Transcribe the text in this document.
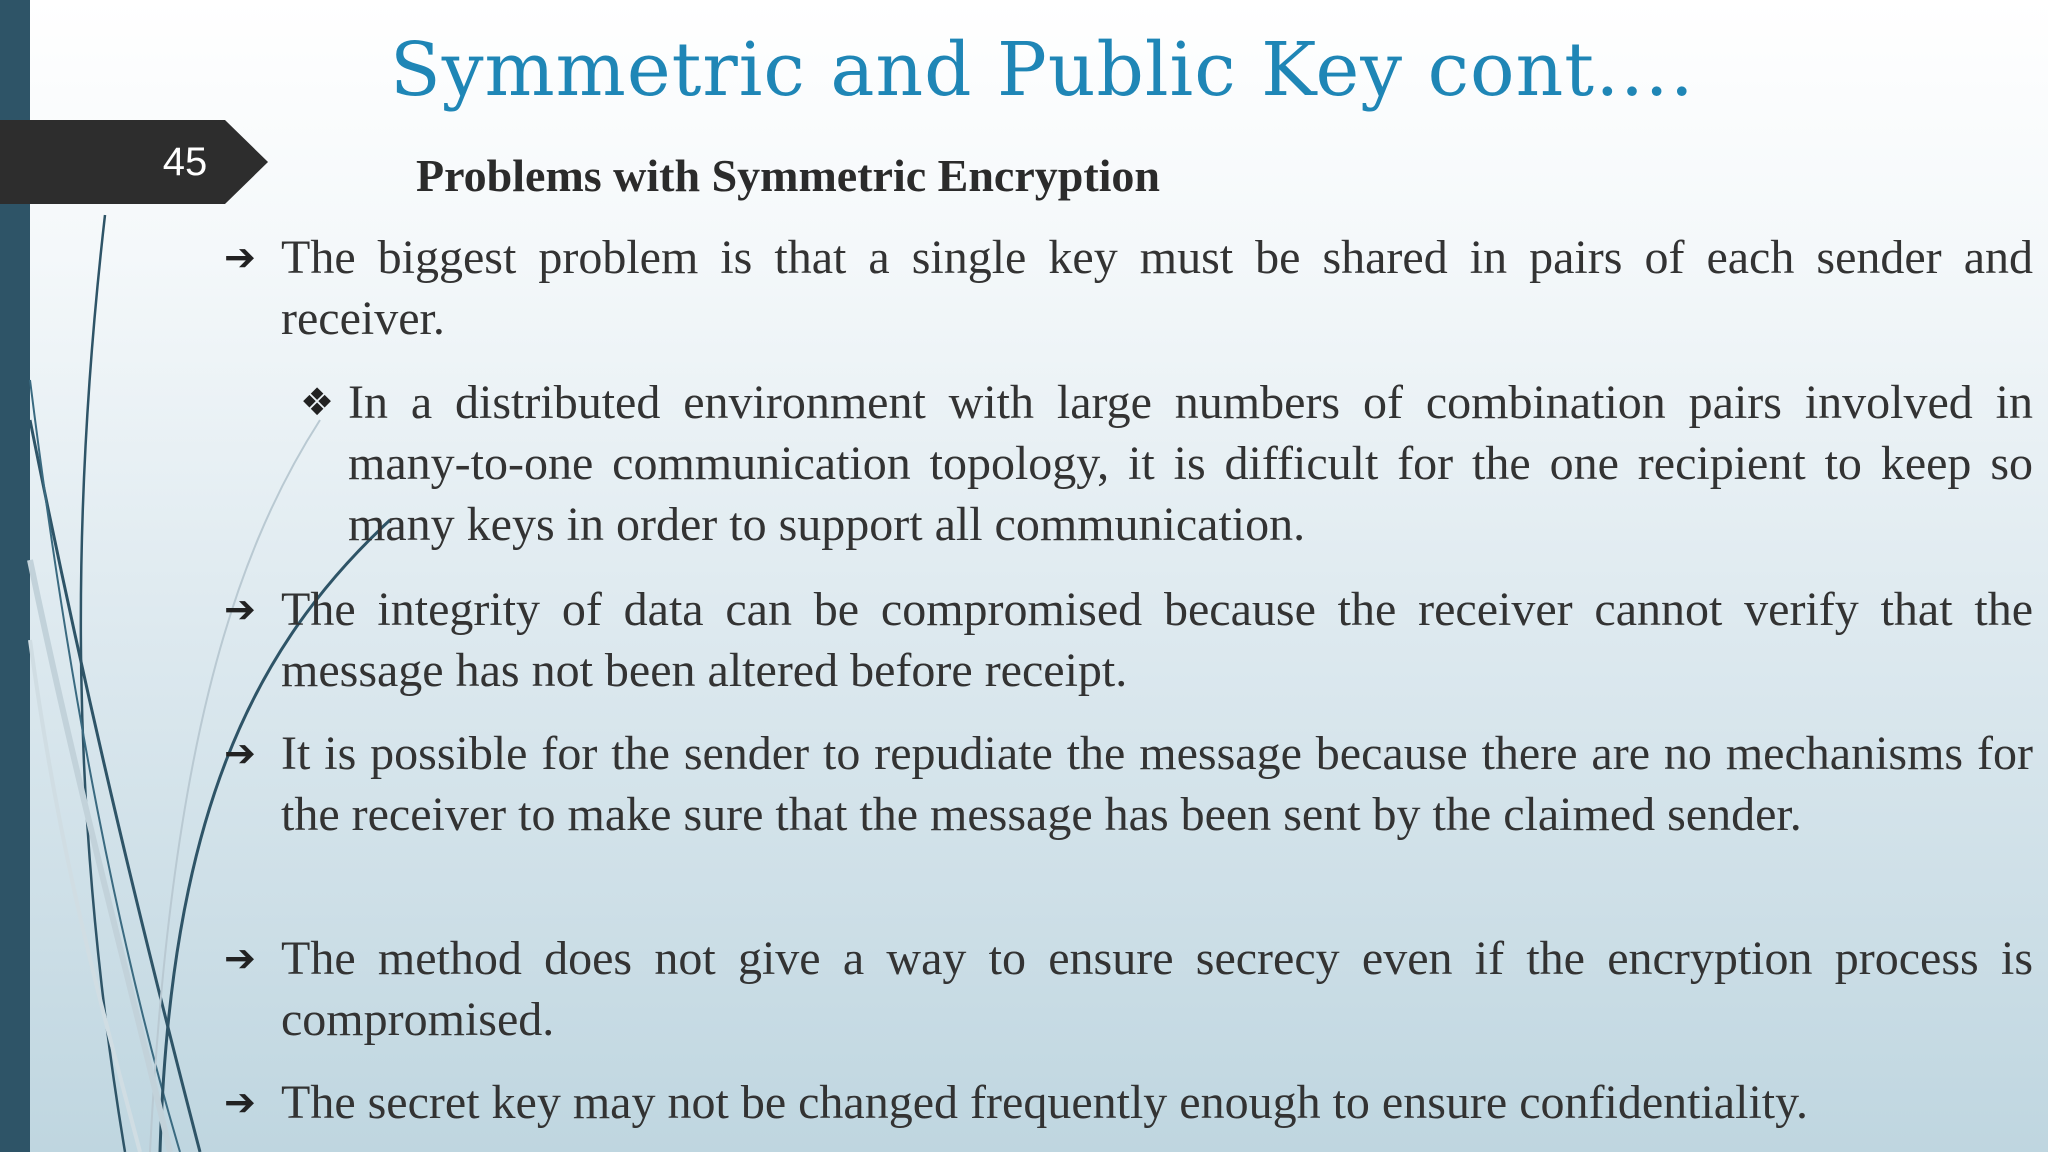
45
Symmetric and Public Key cont….
Problems with Symmetric Encryption
➔ The biggest problem is that a single key must be shared in pairs of each sender and receiver.
❖ In a distributed environment with large numbers of combination pairs involved in many-to-one communication topology, it is difficult for the one recipient to keep so many keys in order to support all communication.
➔ The integrity of data can be compromised because the receiver cannot verify that the message has not been altered before receipt.
➔ It is possible for the sender to repudiate the message because there are no mechanisms for the receiver to make sure that the message has been sent by the claimed sender.
➔ The method does not give a way to ensure secrecy even if the encryption process is compromised.
➔ The secret key may not be changed frequently enough to ensure confidentiality.
